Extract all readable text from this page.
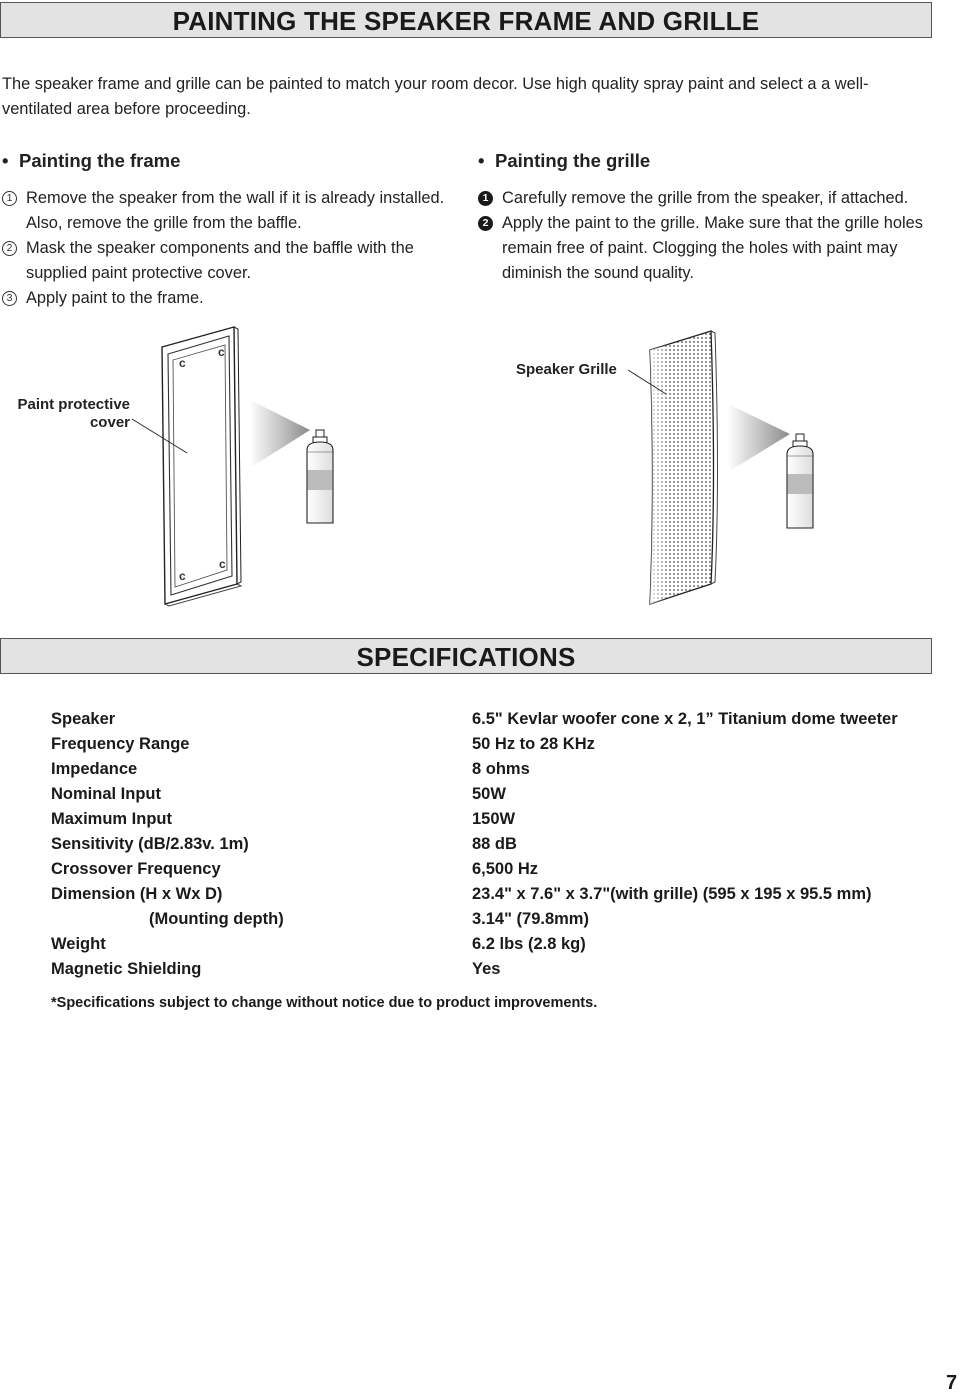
PAINTING THE SPEAKER FRAME AND GRILLE
The speaker frame and grille can be painted to match your room decor. Use high quality spray paint and select a a well-ventilated area before proceeding.
• Painting the frame
1 Remove the speaker from the wall if it is already installed. Also, remove the grille from the baffle.
2 Mask the speaker components and the baffle with the supplied paint protective cover.
3 Apply paint to the frame.
• Painting the grille
1 Carefully remove the grille from the speaker, if attached.
2 Apply the paint to the grille. Make sure that the grille holes remain free of paint. Clogging the holes with paint may diminish the sound quality.
c
c
c
c
Paint protective cover
Speaker Grille
SPECIFICATIONS
Speaker	6.5" Kevlar woofer cone x 2, 1” Titanium dome tweeter
Frequency Range	50 Hz to 28 KHz
Impedance	8 ohms
Nominal Input	50W
Maximum Input	150W
Sensitivity (dB/2.83v. 1m)	88 dB
Crossover Frequency	6,500 Hz
Dimension (H x Wx D)	23.4" x 7.6" x 3.7"(with grille) (595 x 195 x 95.5 mm)
(Mounting depth)	3.14" (79.8mm)
Weight	6.2 lbs (2.8 kg)
Magnetic Shielding	Yes
*Specifications subject to change without notice due to product improvements.
7
